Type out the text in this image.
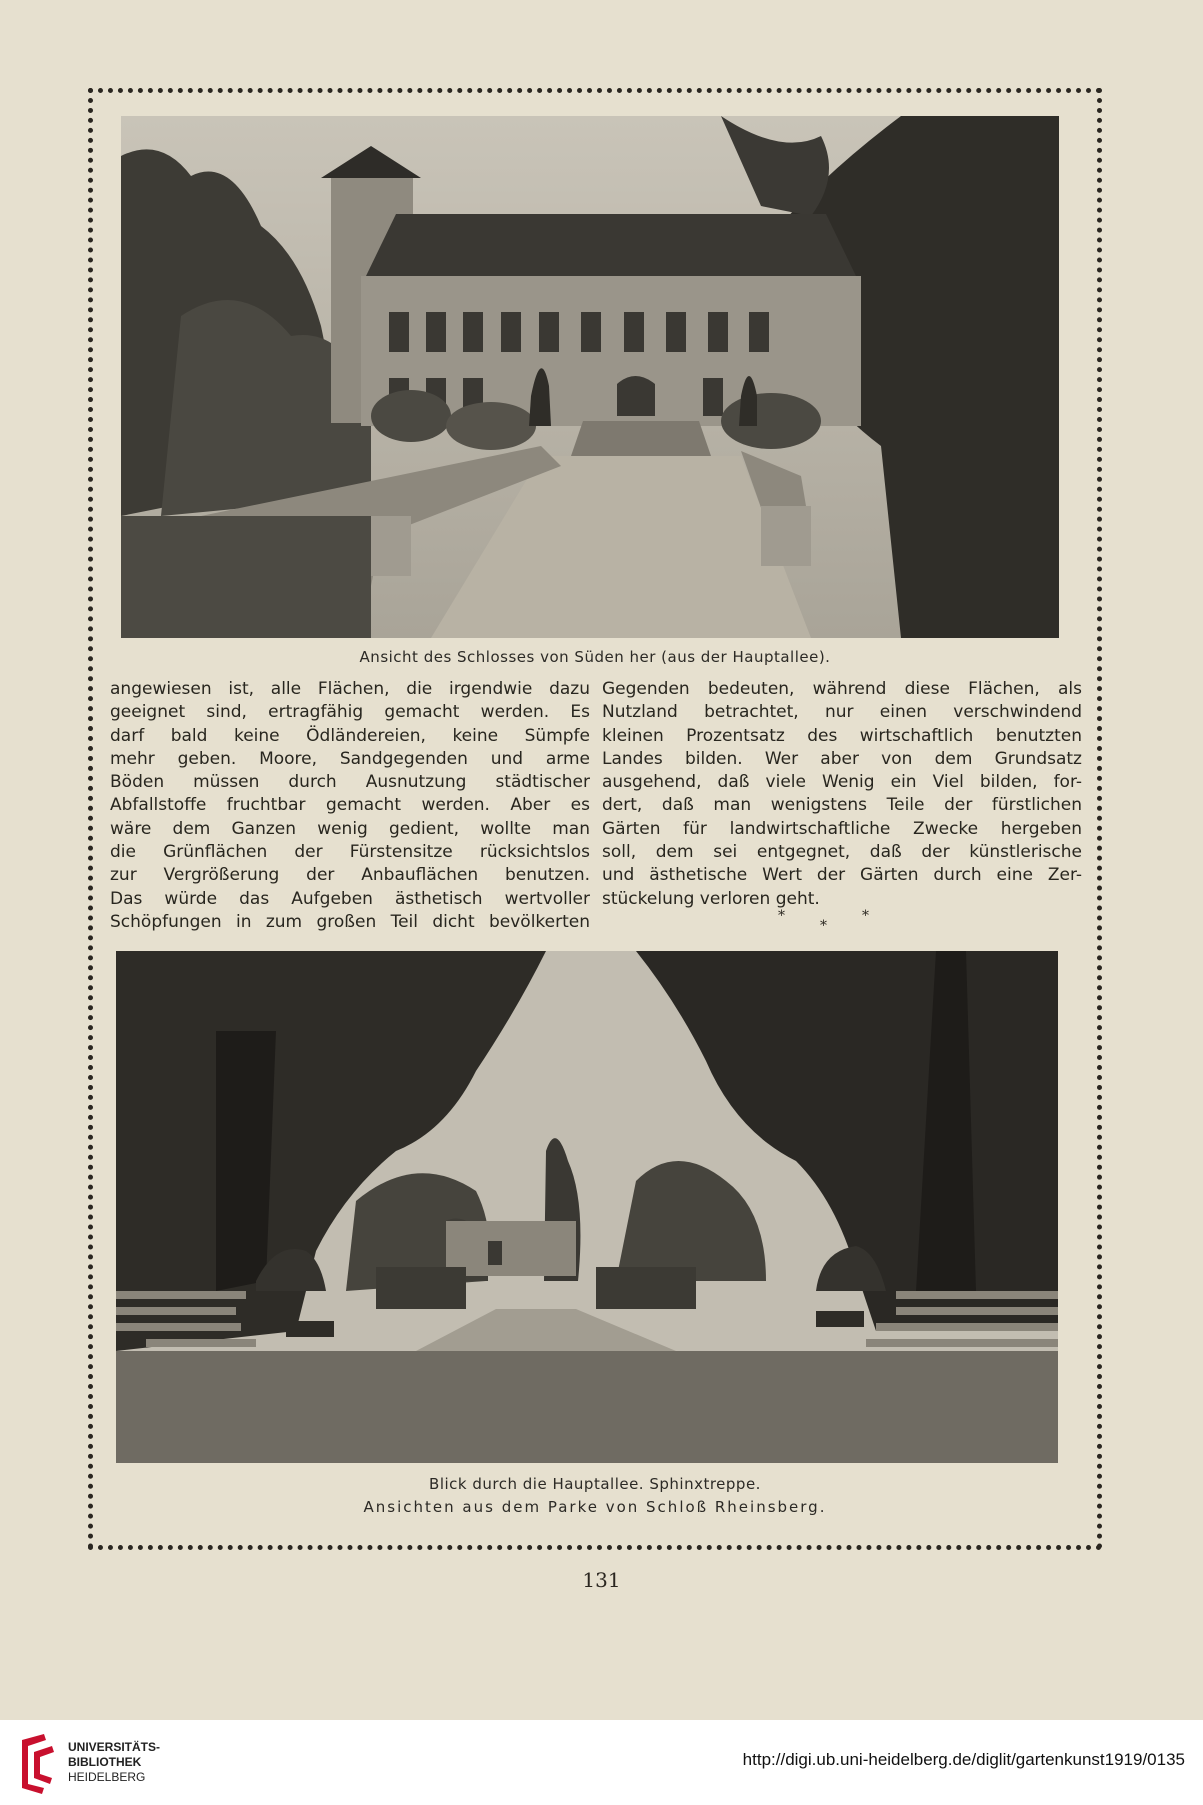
Ansicht des Schlosses von Süden her (aus der Hauptallee).
angewiesen ist, alle Flächen, die irgendwie dazu
geeignet sind, ertragfähig gemacht werden. Es
darf bald keine Ödländereien, keine Sümpfe
mehr geben. Moore, Sandgegenden und arme
Böden müssen durch Ausnutzung städtischer
Abfallstoffe fruchtbar gemacht werden. Aber es
wäre dem Ganzen wenig gedient, wollte man
die Grünflächen der Fürstensitze rücksichtslos
zur Vergrößerung der Anbauflächen benutzen.
Das würde das Aufgeben ästhetisch wertvoller
Schöpfungen in zum großen Teil dicht bevölkerten
Gegenden bedeuten, während diese Flächen, als
Nutzland betrachtet, nur einen verschwindend
kleinen Prozentsatz des wirtschaftlich benutzten
Landes bilden. Wer aber von dem Grundsatz
ausgehend, daß viele Wenig ein Viel bilden, for-
dert, daß man wenigstens Teile der fürstlichen
Gärten für landwirtschaftliche Zwecke hergeben
soll, dem sei entgegnet, daß der künstlerische
und ästhetische Wert der Gärten durch eine Zer-
stückelung verloren geht.
*
*
*
Blick durch die Hauptallee. Sphinxtreppe.
Ansichten aus dem Parke von Schloß Rheinsberg.
131
UNIVERSITÄTS-
BIBLIOTHEK
HEIDELBERG
http://digi.ub.uni-heidelberg.de/diglit/gartenkunst1919/0135
